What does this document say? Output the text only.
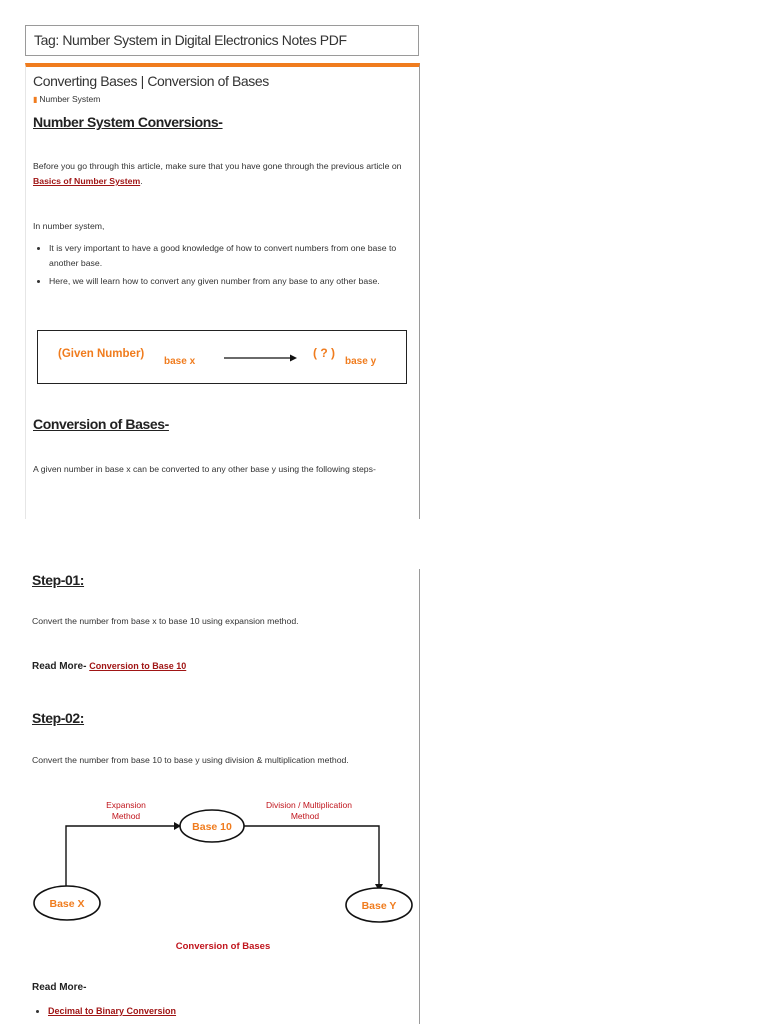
Tag: Number System in Digital Electronics Notes PDF
Converting Bases | Conversion of Bases
▮ Number System
Number System Conversions-
Before you go through this article, make sure that you have gone through the previous article on Basics of Number System.
In number system,
• It is very important to have a good knowledge of how to convert numbers from one base to another base.
• Here, we will learn how to convert any given number from any base to any other base.
(Given Number)
base x
( ? )
base y
Conversion of Bases-
A given number in base x can be converted to any other base y using the following steps-
Step-01:
Convert the number from base x to base 10 using expansion method.
Read More- Conversion to Base 10
Step-02:
Convert the number from base 10 to base y using division & multiplication method.
Expansion
Method
Division / Multiplication
Method
Base 10
Base X	Base Y
Conversion of Bases
Read More-
• Decimal to Binary Conversion
